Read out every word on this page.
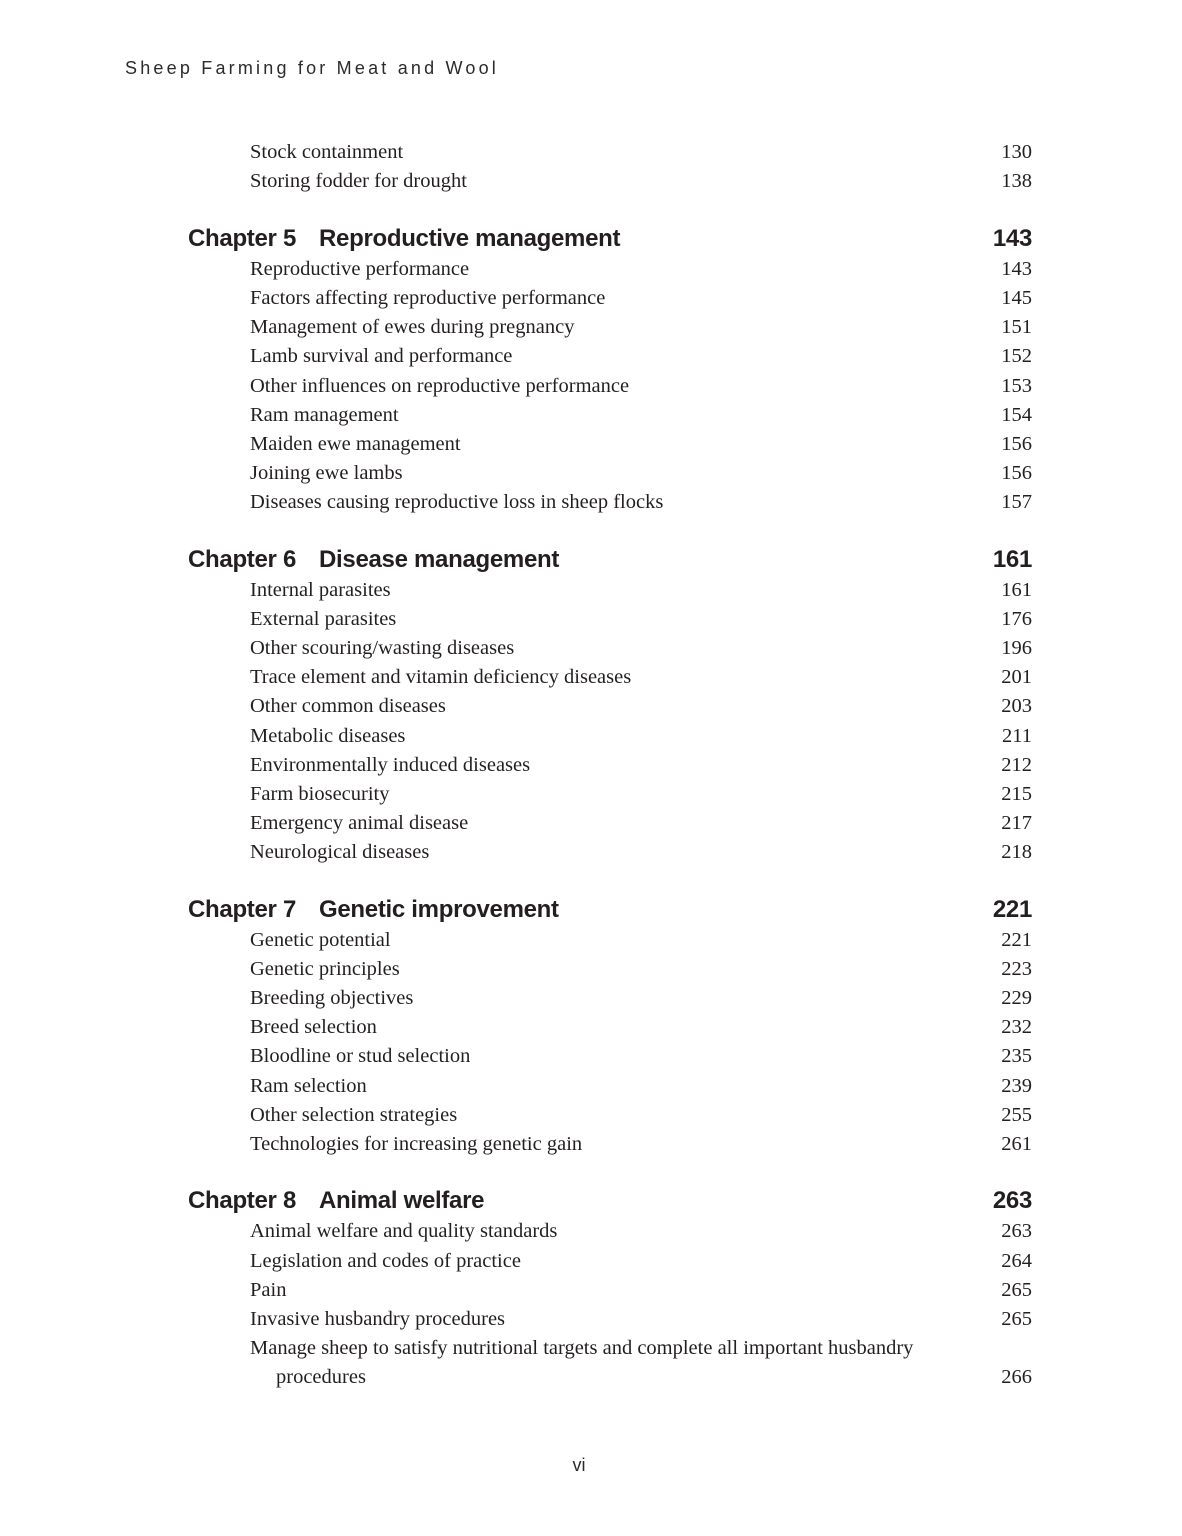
Sheep Farming for Meat and Wool

Stock containment	130
Storing fodder for drought	138
Chapter 5 Reproductive management	143
Reproductive performance	143
Factors affecting reproductive performance	145
Management of ewes during pregnancy	151
Lamb survival and performance	152
Other influences on reproductive performance	153
Ram management	154
Maiden ewe management	156
Joining ewe lambs	156
Diseases causing reproductive loss in sheep flocks	157
Chapter 6 Disease management	161
Internal parasites	161
External parasites	176
Other scouring/wasting diseases	196
Trace element and vitamin deficiency diseases	201
Other common diseases	203
Metabolic diseases	211
Environmentally induced diseases	212
Farm biosecurity	215
Emergency animal disease	217
Neurological diseases	218
Chapter 7 Genetic improvement	221
Genetic potential	221
Genetic principles	223
Breeding objectives	229
Breed selection	232
Bloodline or stud selection	235
Ram selection	239
Other selection strategies	255
Technologies for increasing genetic gain	261
Chapter 8 Animal welfare	263
Animal welfare and quality standards	263
Legislation and codes of practice	264
Pain	265
Invasive husbandry procedures	265
Manage sheep to satisfy nutritional targets and complete all important husbandry procedures	266
vi
